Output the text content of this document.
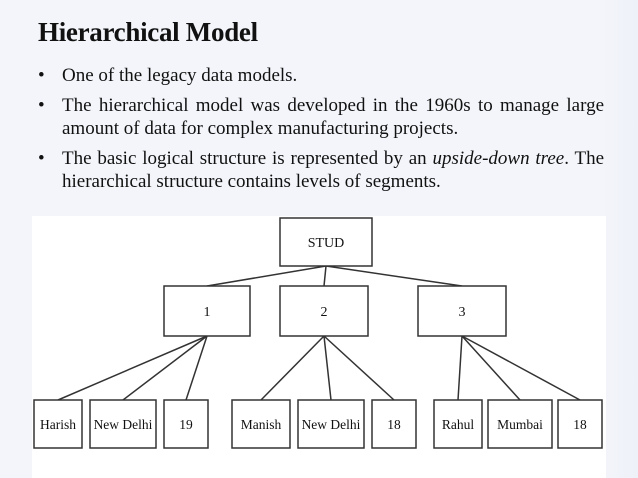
Hierarchical Model
• One of the legacy data models.
• The hierarchical model was developed in the 1960s to manage large amount of data for complex manufacturing projects.
• The basic logical structure is represented by an upside-down tree. The hierarchical structure contains levels of segments.
STUD
1	2	3
Harish New Delhi 19	Manish New Delhi 18	Rahul Mumbai 18
